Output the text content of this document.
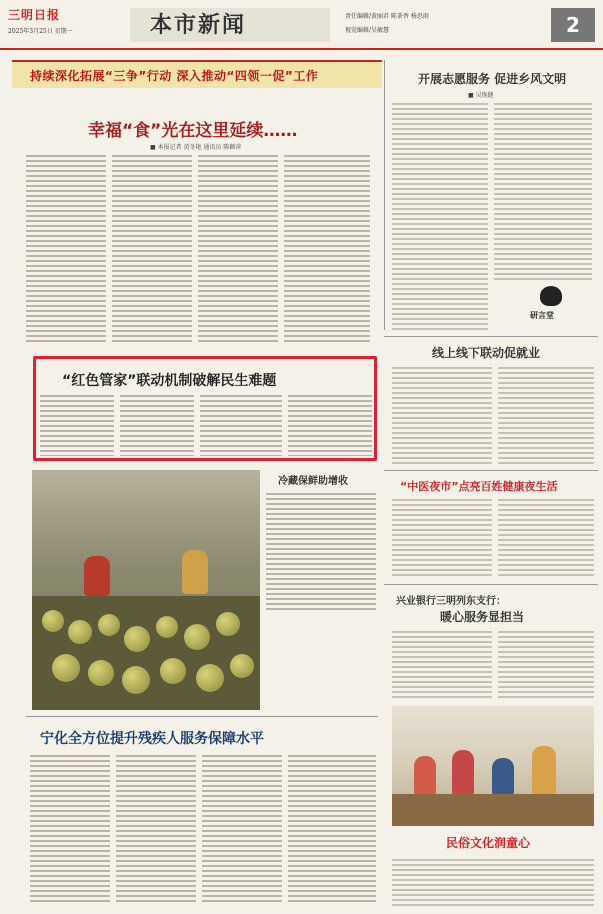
三明日报
2025年3月25日 星期一	本市新闻	责任编辑/黄丽君 陈茶香 杨思雨
视觉编辑/吴敏慧	2
持续深化拓展“三争”行动 深入推动“四领一促”工作
幸福“食”光在这里延续……
■ 本报记者 黄冬艳 通讯员 陈颖萍
开展志愿服务 促进乡风文明
■ 吴焕健
研言堂
“红色管家”联动机制破解民生难题
线上线下联动促就业
“中医夜市”点亮百姓健康夜生活
冷藏保鲜助增收
兴业银行三明列东支行：
暖心服务显担当
宁化全方位提升残疾人服务保障水平
民俗文化润童心
